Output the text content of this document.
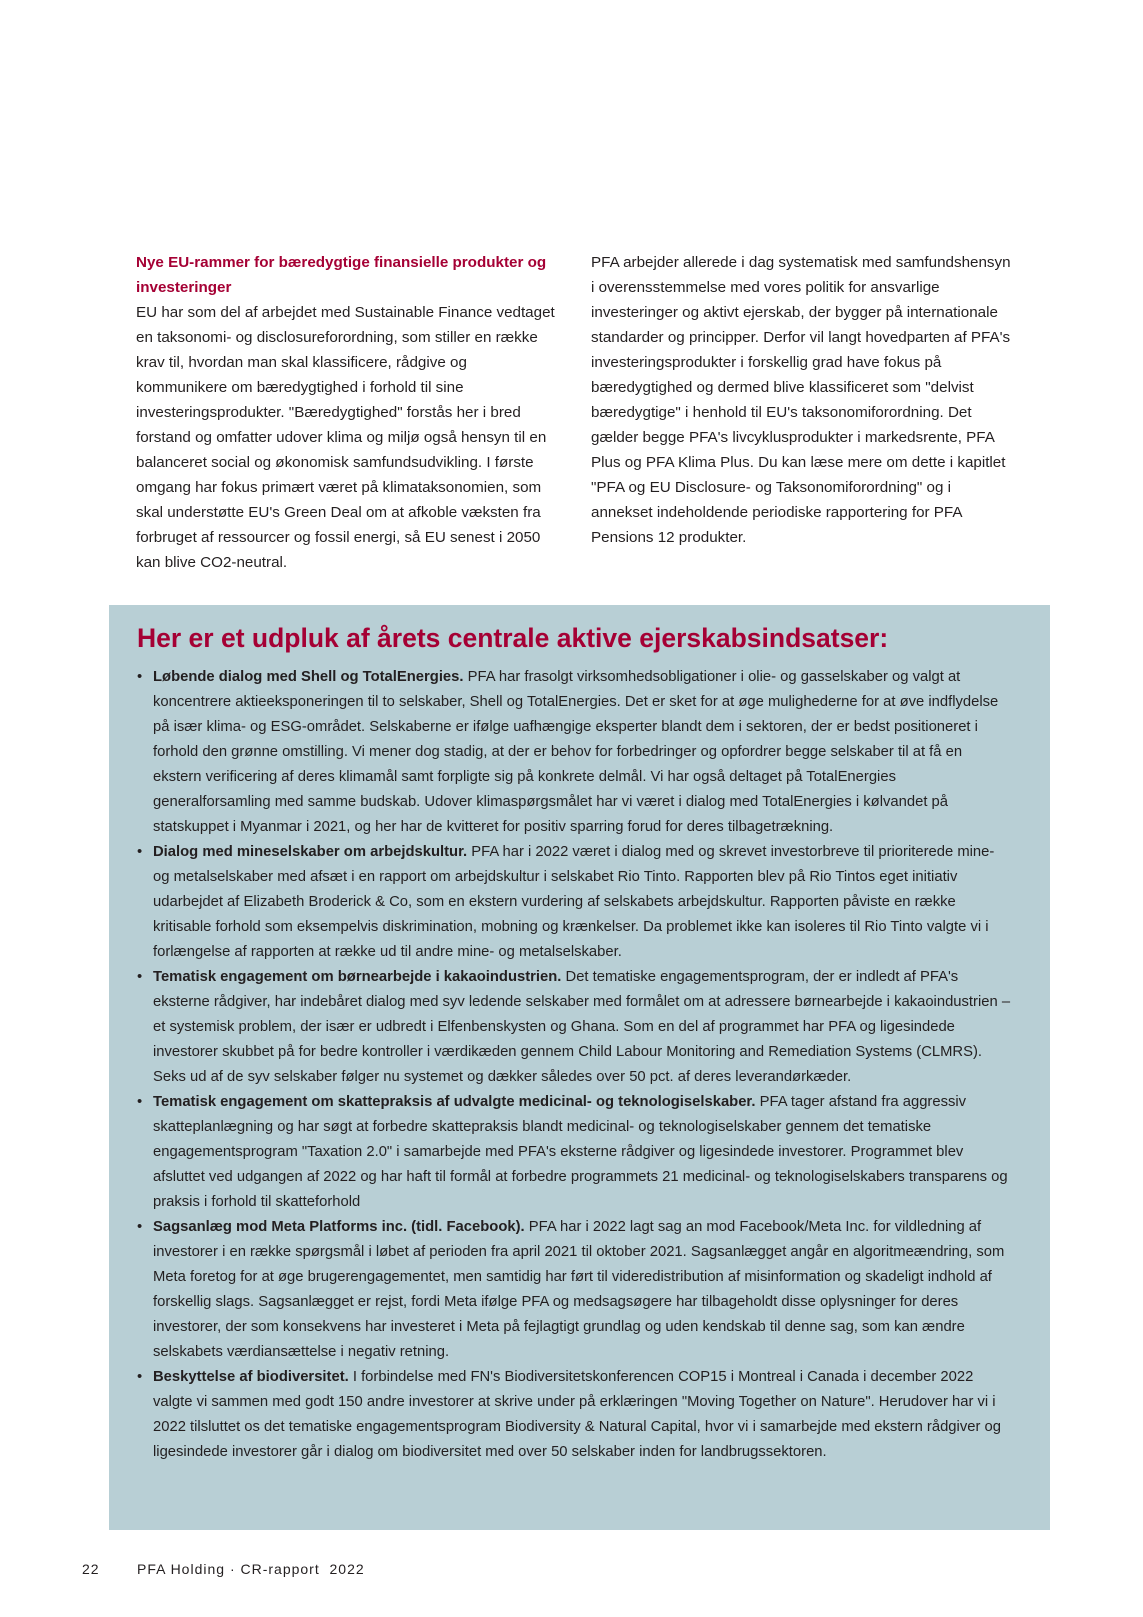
Nye EU-rammer for bæredygtige finansielle produkter og investeringer

EU har som del af arbejdet med Sustainable Finance vedtaget en taksonomi- og disclosureforordning, som stiller en række krav til, hvordan man skal klassificere, rådgive og kommunikere om bæredygtighed i forhold til sine investeringsprodukter. "Bæredygtighed" forstås her i bred forstand og omfatter udover klima og miljø også hensyn til en balanceret social og økonomisk samfundsudvikling. I første omgang har fokus primært været på klimataksonomien, som skal understøtte EU's Green Deal om at afkoble væksten fra forbruget af ressourcer og fossil energi, så EU senest i 2050 kan blive CO2-neutral.

PFA arbejder allerede i dag systematisk med samfundshensyn i overensstemmelse med vores politik for ansvarlige investeringer og aktivt ejerskab, der bygger på internationale standarder og principper. Derfor vil langt hovedparten af PFA's investeringsprodukter i forskellig grad have fokus på bæredygtighed og dermed blive klassificeret som "delvist bæredygtige" i henhold til EU's taksonomiforordning. Det gælder begge PFA's livcyklusprodukter i markedsrente, PFA Plus og PFA Klima Plus. Du kan læse mere om dette i kapitlet "PFA og EU Disclosure- og Taksonomiforordning" og i annekset indeholdende periodiske rapportering for PFA Pensions 12 produkter.

Her er et udpluk af årets centrale aktive ejerskabsindsatser:
• Løbende dialog med Shell og TotalEnergies. PFA har frasolgt virksomhedsobligationer i olie- og gasselskaber og valgt at koncentrere aktieeksponeringen til to selskaber, Shell og TotalEnergies. Det er sket for at øge mulighederne for at øve indflydelse på især klima- og ESG-området. Selskaberne er ifølge uafhængige eksperter blandt dem i sektoren, der er bedst positioneret i forhold den grønne omstilling. Vi mener dog stadig, at der er behov for forbedringer og opfordrer begge selskaber til at få en ekstern verificering af deres klimamål samt forpligte sig på konkrete delmål. Vi har også deltaget på TotalEnergies generalforsamling med samme budskab. Udover klimaspørgsmålet har vi været i dialog med TotalEnergies i kølvandet på statskuppet i Myanmar i 2021, og her har de kvitteret for positiv sparring forud for deres tilbagetrækning.
• Dialog med mineselskaber om arbejdskultur. PFA har i 2022 været i dialog med og skrevet investorbreve til prioriterede mine- og metalselskaber med afsæt i en rapport om arbejdskultur i selskabet Rio Tinto. Rapporten blev på Rio Tintos eget initiativ udarbejdet af Elizabeth Broderick & Co, som en ekstern vurdering af selskabets arbejdskultur. Rapporten påviste en række kritisable forhold som eksempelvis diskrimination, mobning og krænkelser. Da problemet ikke kan isoleres til Rio Tinto valgte vi i forlængelse af rapporten at række ud til andre mine- og metalselskaber.
• Tematisk engagement om børnearbejde i kakaoindustrien. Det tematiske engagementsprogram, der er indledt af PFA's eksterne rådgiver, har indebåret dialog med syv ledende selskaber med formålet om at adressere børnearbejde i kakaoindustrien – et systemisk problem, der især er udbredt i Elfenbenskysten og Ghana. Som en del af programmet har PFA og ligesindede investorer skubbet på for bedre kontroller i værdikæden gennem Child Labour Monitoring and Remediation Systems (CLMRS). Seks ud af de syv selskaber følger nu systemet og dækker således over 50 pct. af deres leverandørkæder.
• Tematisk engagement om skattepraksis af udvalgte medicinal- og teknologiselskaber. PFA tager afstand fra aggressiv skatteplanlægning og har søgt at forbedre skattepraksis blandt medicinal- og teknologiselskaber gennem det tematiske engagementsprogram "Taxation 2.0" i samarbejde med PFA's eksterne rådgiver og ligesindede investorer. Programmet blev afsluttet ved udgangen af 2022 og har haft til formål at forbedre programmets 21 medicinal- og teknologiselskabers transparens og praksis i forhold til skatteforhold
• Sagsanlæg mod Meta Platforms inc. (tidl. Facebook). PFA har i 2022 lagt sag an mod Facebook/Meta Inc. for vildledning af investorer i en række spørgsmål i løbet af perioden fra april 2021 til oktober 2021. Sagsanlægget angår en algoritmeændring, som Meta foretog for at øge brugerengagementet, men samtidig har ført til videredistribution af misinformation og skadeligt indhold af forskellig slags. Sagsanlægget er rejst, fordi Meta ifølge PFA og medsagsøgere har tilbageholdt disse oplysninger for deres investorer, der som konsekvens har investeret i Meta på fejlagtigt grundlag og uden kendskab til denne sag, som kan ændre selskabets værdiansættelse i negativ retning.
• Beskyttelse af biodiversitet. I forbindelse med FN's Biodiversitetskonferencen COP15 i Montreal i Canada i december 2022 valgte vi sammen med godt 150 andre investorer at skrive under på erklæringen "Moving Together on Nature". Herudover har vi i 2022 tilsluttet os det tematiske engagementsprogram Biodiversity & Natural Capital, hvor vi i samarbejde med ekstern rådgiver og ligesindede investorer går i dialog om biodiversitet med over 50 selskaber inden for landbrugssektoren.
22	PFA Holding · CR-rapport  2022
